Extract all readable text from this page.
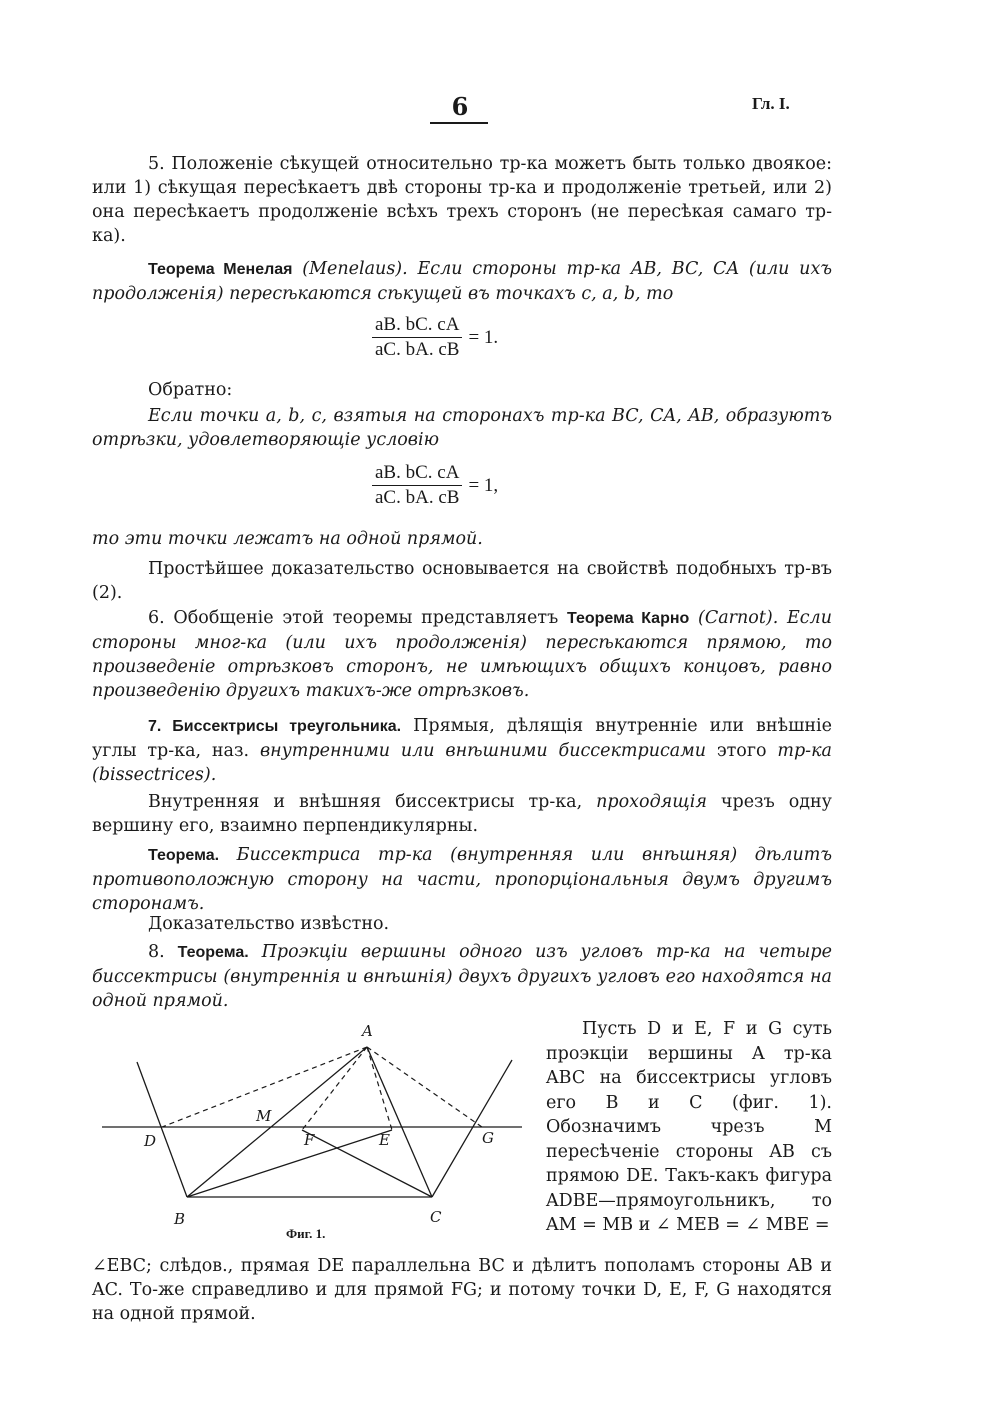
6	Гл. I.
5. Положеніе сѣкущей относительно тр-ка можетъ быть только двоякое: или 1) сѣкущая пересѣкаетъ двѣ стороны тр-ка и продолженіе третьей, или 2) она пересѣкаетъ продолженіе всѣхъ трехъ сторонъ (не пересѣкая самаго тр-ка).
Теорема Менелая (Menelaus). Если стороны тр-ка AB, BC, CA (или ихъ продолженія) пересѣкаются сѣкущей въ точкахъ c, a, b, то
$\frac{aB. bC. cA}{aC. bA. cB} = 1$.
Обратно:
Если точки a, b, c, взятыя на сторонахъ тр-ка BC, CA, AB, образуютъ отрѣзки, удовлетворяющіе условію
$\frac{aB. bC. cA}{aC. bA. cB} = 1$,
то эти точки лежатъ на одной прямой.
Простѣйшее доказательство основывается на свойствѣ подобныхъ тр-въ (2).
6. Обобщеніе этой теоремы представляетъ Теорема Карно (Carnot). Если стороны мног-ка (или ихъ продолженія) пересѣкаются прямою, то произведеніе отрѣзковъ сторонъ, не имѣющихъ общихъ концовъ, равно произведенію другихъ такихъ-же отрѣзковъ.
7. Биссектрисы треугольника. Прямыя, дѣлящія внутренніе или внѣшніе углы тр-ка, наз. внутренними или внѣшними биссектрисами этого тр-ка (bissectrices).
Внутренняя и внѣшняя биссектрисы тр-ка, проходящія чрезъ одну вершину его, взаимно перпендикулярны.
Теорема. Биссектриса тр-ка (внутренняя или внѣшняя) дѣлитъ противоположную сторону на части, пропорціональныя двумъ другимъ сторонамъ.
Доказательство извѣстно.
8. Теорема. Проэкціи вершины одного изъ угловъ тр-ка на четыре биссектрисы (внутреннія и внѣшнія) двухъ другихъ угловъ его находятся на одной прямой.
A
D
M
F	E	G
B	C
Фиг. 1.
Пусть D и E, F и G суть проэкціи вершины A тр-ка ABC на биссектрисы угловъ его B и C (фиг. 1). Обозначимъ чрезъ M пересѣченіе стороны AB съ прямою DE. Такъ-какъ фигура ADBE—прямоугольникъ, то AM = MB и ∠ MEB = ∠ MBE =
∠EBC; слѣдов., прямая DE параллельна BC и дѣлитъ пополамъ стороны AB и AC. То-же справедливо и для прямой FG; и потому точки D, E, F, G находятся на одной прямой.
